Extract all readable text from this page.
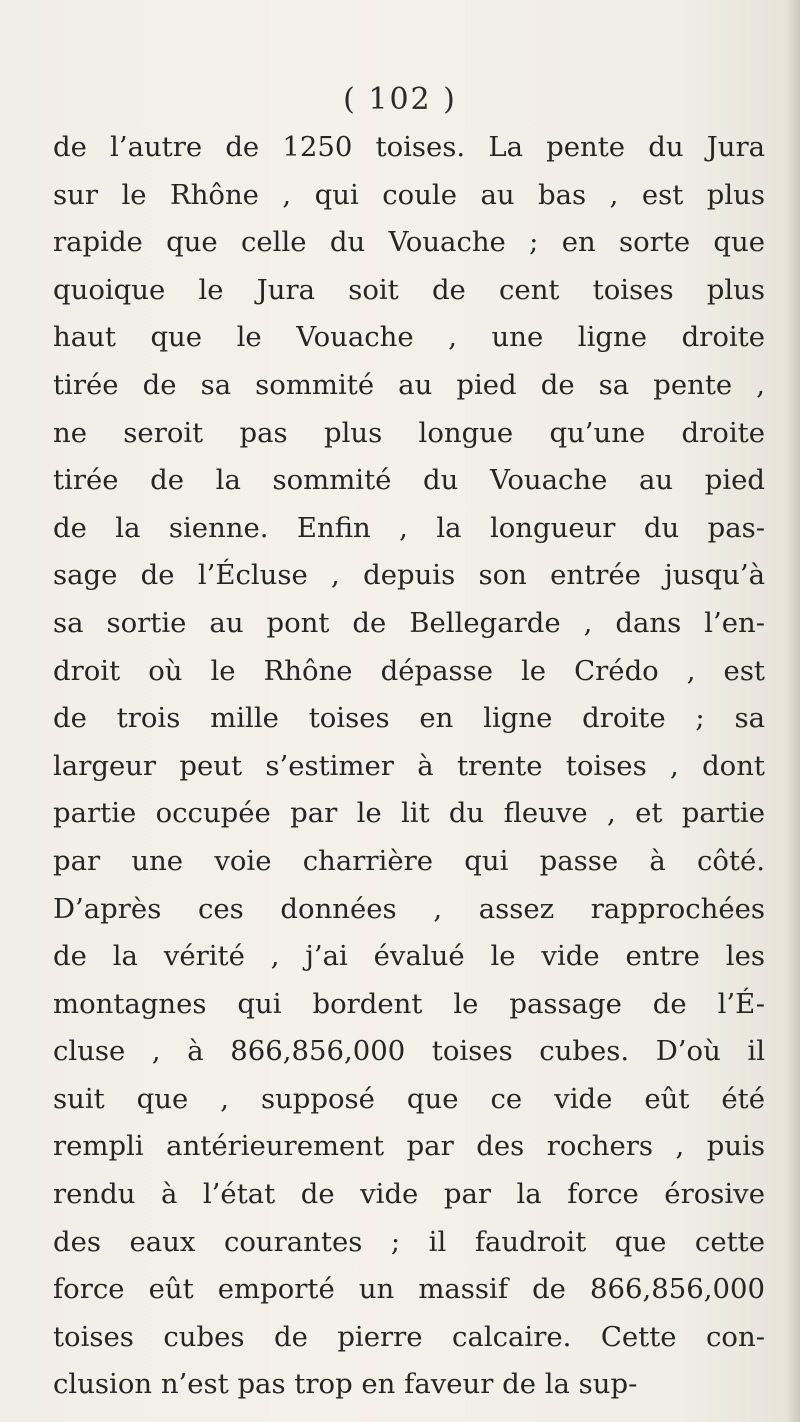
( 102 )
de l’autre de 1250 toises. La pente du Jura
sur le Rhône , qui coule au bas , est plus
rapide que celle du Vouache ; en sorte que
quoique le Jura soit de cent toises plus
haut que le Vouache , une ligne droite
tirée de sa sommité au pied de sa pente ,
ne seroit pas plus longue qu’une droite
tirée de la sommité du Vouache au pied
de la sienne. Enfin , la longueur du pas-
sage de l’Écluse , depuis son entrée jusqu’à
sa sortie au pont de Bellegarde , dans l’en-
droit où le Rhône dépasse le Crédo , est
de trois mille toises en ligne droite ; sa
largeur peut s’estimer à trente toises , dont
partie occupée par le lit du fleuve , et partie
par une voie charrière qui passe à côté.
D’après ces données , assez rapprochées
de la vérité , j’ai évalué le vide entre les
montagnes qui bordent le passage de l’É-
cluse , à 866,856,000 toises cubes. D’où il
suit que , supposé que ce vide eût été
rempli antérieurement par des rochers , puis
rendu à l’état de vide par la force érosive
des eaux courantes ; il faudroit que cette
force eût emporté un massif de 866,856,000
toises cubes de pierre calcaire. Cette con-
clusion n’est pas trop en faveur de la sup-
